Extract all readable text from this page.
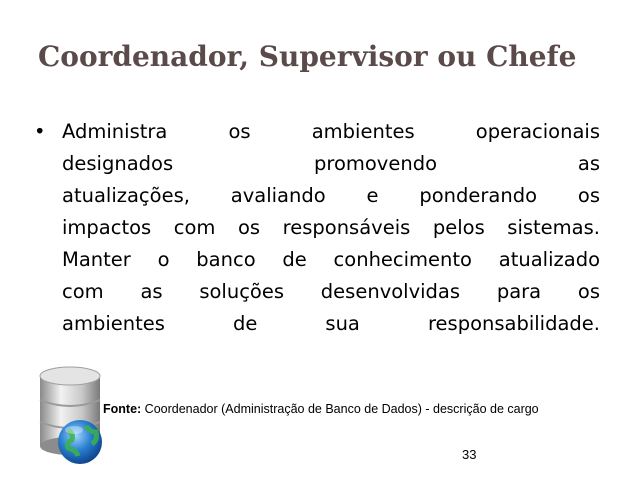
Coordenador, Supervisor ou Chefe
• Administra os ambientes operacionais
designados promovendo as
atualizações, avaliando e ponderando os
impactos com os responsáveis pelos sistemas.
Manter o banco de conhecimento atualizado
com as soluções desenvolvidas para os
ambientes de sua responsabilidade.
Fonte: Coordenador (Administração de Banco de Dados) - descrição de cargo
33
